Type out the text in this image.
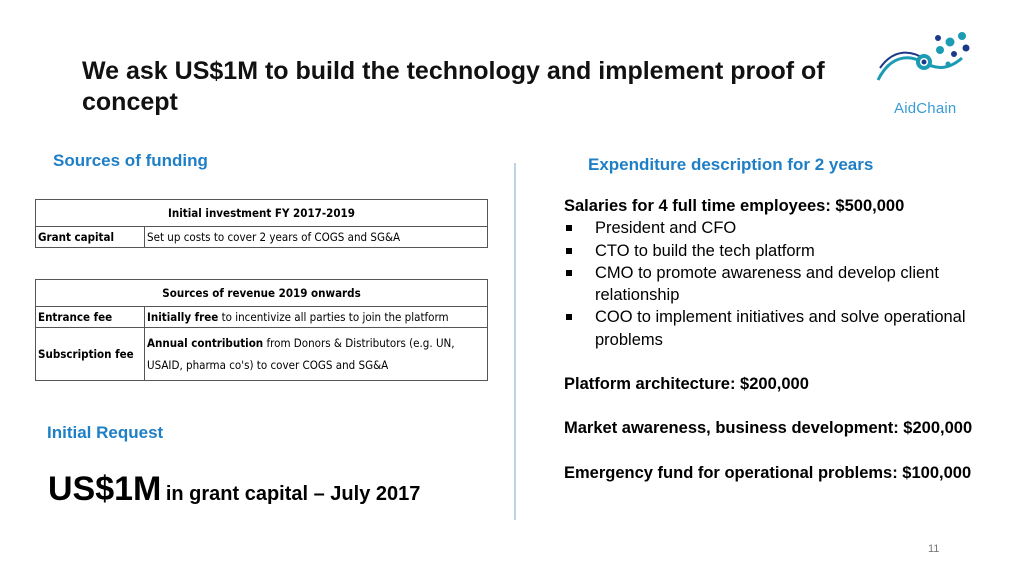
We ask US$1M to build the technology and implement proof of concept	AidChain
Sources of funding
Initial investment FY 2017-2019
Grant capital	Set up costs to cover 2 years of COGS and SG&A
Sources of revenue 2019 onwards	
Entrance fee	Initially free to incentivize all parties to join the platform
Subscription fee	Annual contribution from Donors & Distributors (e.g. UN, USAID, pharma co's) to cover COGS and SG&A
Initial Request
US$1M in grant capital – July 2017
Expenditure description for 2 years
Salaries for 4 full time employees: $500,000
President and CFO
CTO to build the tech platform
CMO to promote awareness and develop client relationship
COO to implement initiatives and solve operational problems
Platform architecture: $200,000
Market awareness, business development: $200,000
Emergency fund for operational problems: $100,000
11
